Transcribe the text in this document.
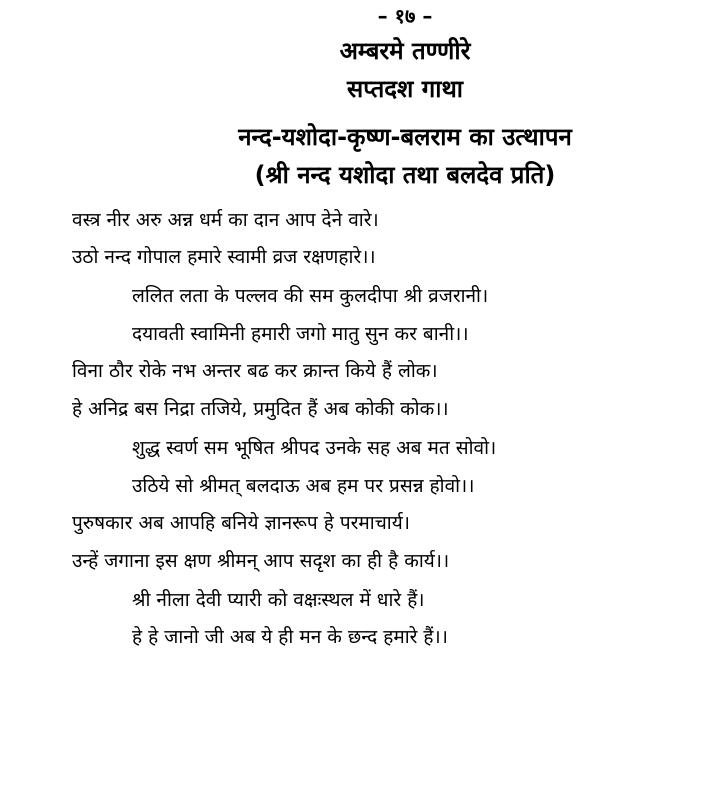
– १७ –
अम्बरमे तण्णीरे
सप्तदश गाथा
नन्द-यशोदा-कृष्ण-बलराम का उत्थापन
(श्री नन्द यशोदा तथा बलदेव प्रति)
वस्त्र नीर अरु अन्न धर्म का दान आप देने वारे।
उठो नन्द गोपाल हमारे स्वामी व्रज रक्षणहारे।।
ललित लता के पल्लव की सम कुलदीपा श्री व्रजरानी।
दयावती स्वामिनी हमारी जगो मातु सुन कर बानी।।
विना ठौर रोके नभ अन्तर बढ कर क्रान्त किये हैं लोक।
हे अनिद्र बस निद्रा तजिये, प्रमुदित हैं अब कोकी कोक।।
शुद्ध स्वर्ण सम भूषित श्रीपद उनके सह अब मत सोवो।
उठिये सो श्रीमत् बलदाऊ अब हम पर प्रसन्न होवो।।
पुरुषकार अब आपहि बनिये ज्ञानरूप हे परमाचार्य।
उन्हें जगाना इस क्षण श्रीमन् आप सदृश का ही है कार्य।।
श्री नीला देवी प्यारी को वक्षःस्थल में धारे हैं।
हे हे जानो जी अब ये ही मन के छन्द हमारे हैं।।
